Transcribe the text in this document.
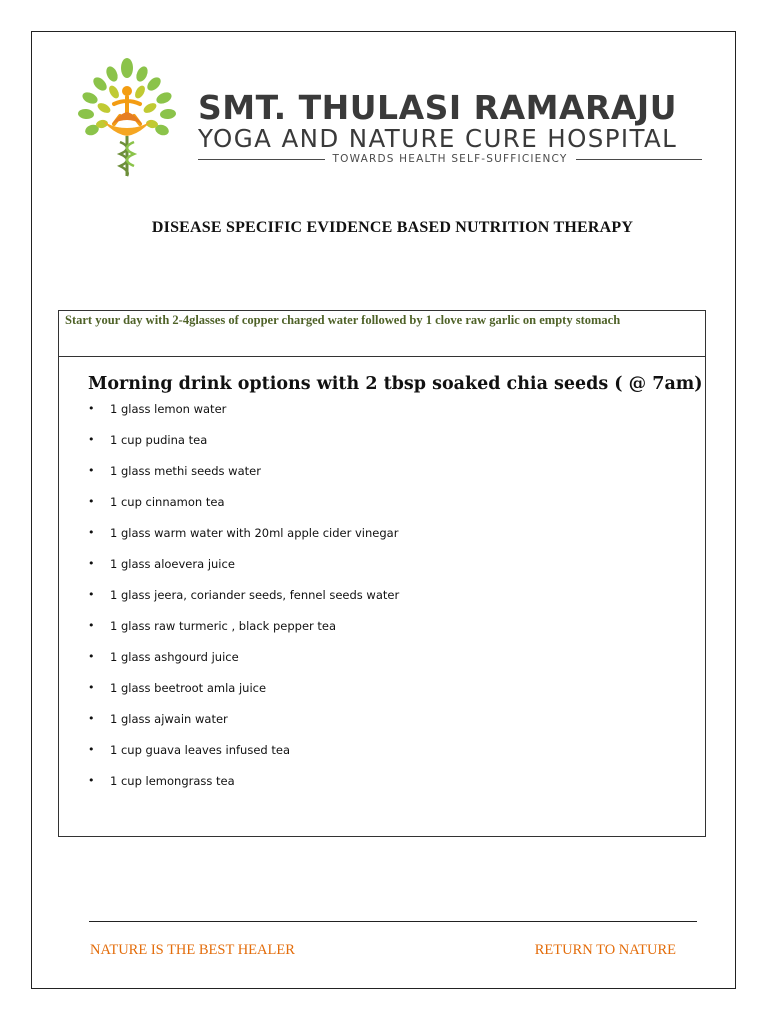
SMT. THULASI RAMARAJU
YOGA AND NATURE CURE HOSPITAL
TOWARDS HEALTH SELF-SUFFICIENCY
DISEASE SPECIFIC EVIDENCE BASED NUTRITION THERAPY
Start your day with 2-4glasses of copper charged water followed by 1 clove raw garlic on empty stomach
Morning drink options with 2 tbsp soaked chia seeds ( @ 7am)
• 1 glass lemon water
• 1 cup pudina tea
• 1 glass methi seeds water
• 1 cup cinnamon tea
• 1 glass warm water with 20ml apple cider vinegar
• 1 glass aloevera juice
• 1 glass jeera, coriander seeds, fennel seeds water
• 1 glass raw turmeric , black pepper tea
• 1 glass ashgourd juice
• 1 glass beetroot amla juice
• 1 glass ajwain water
• 1 cup guava leaves infused tea
• 1 cup lemongrass tea
NATURE IS THE BEST HEALER	RETURN TO NATURE
